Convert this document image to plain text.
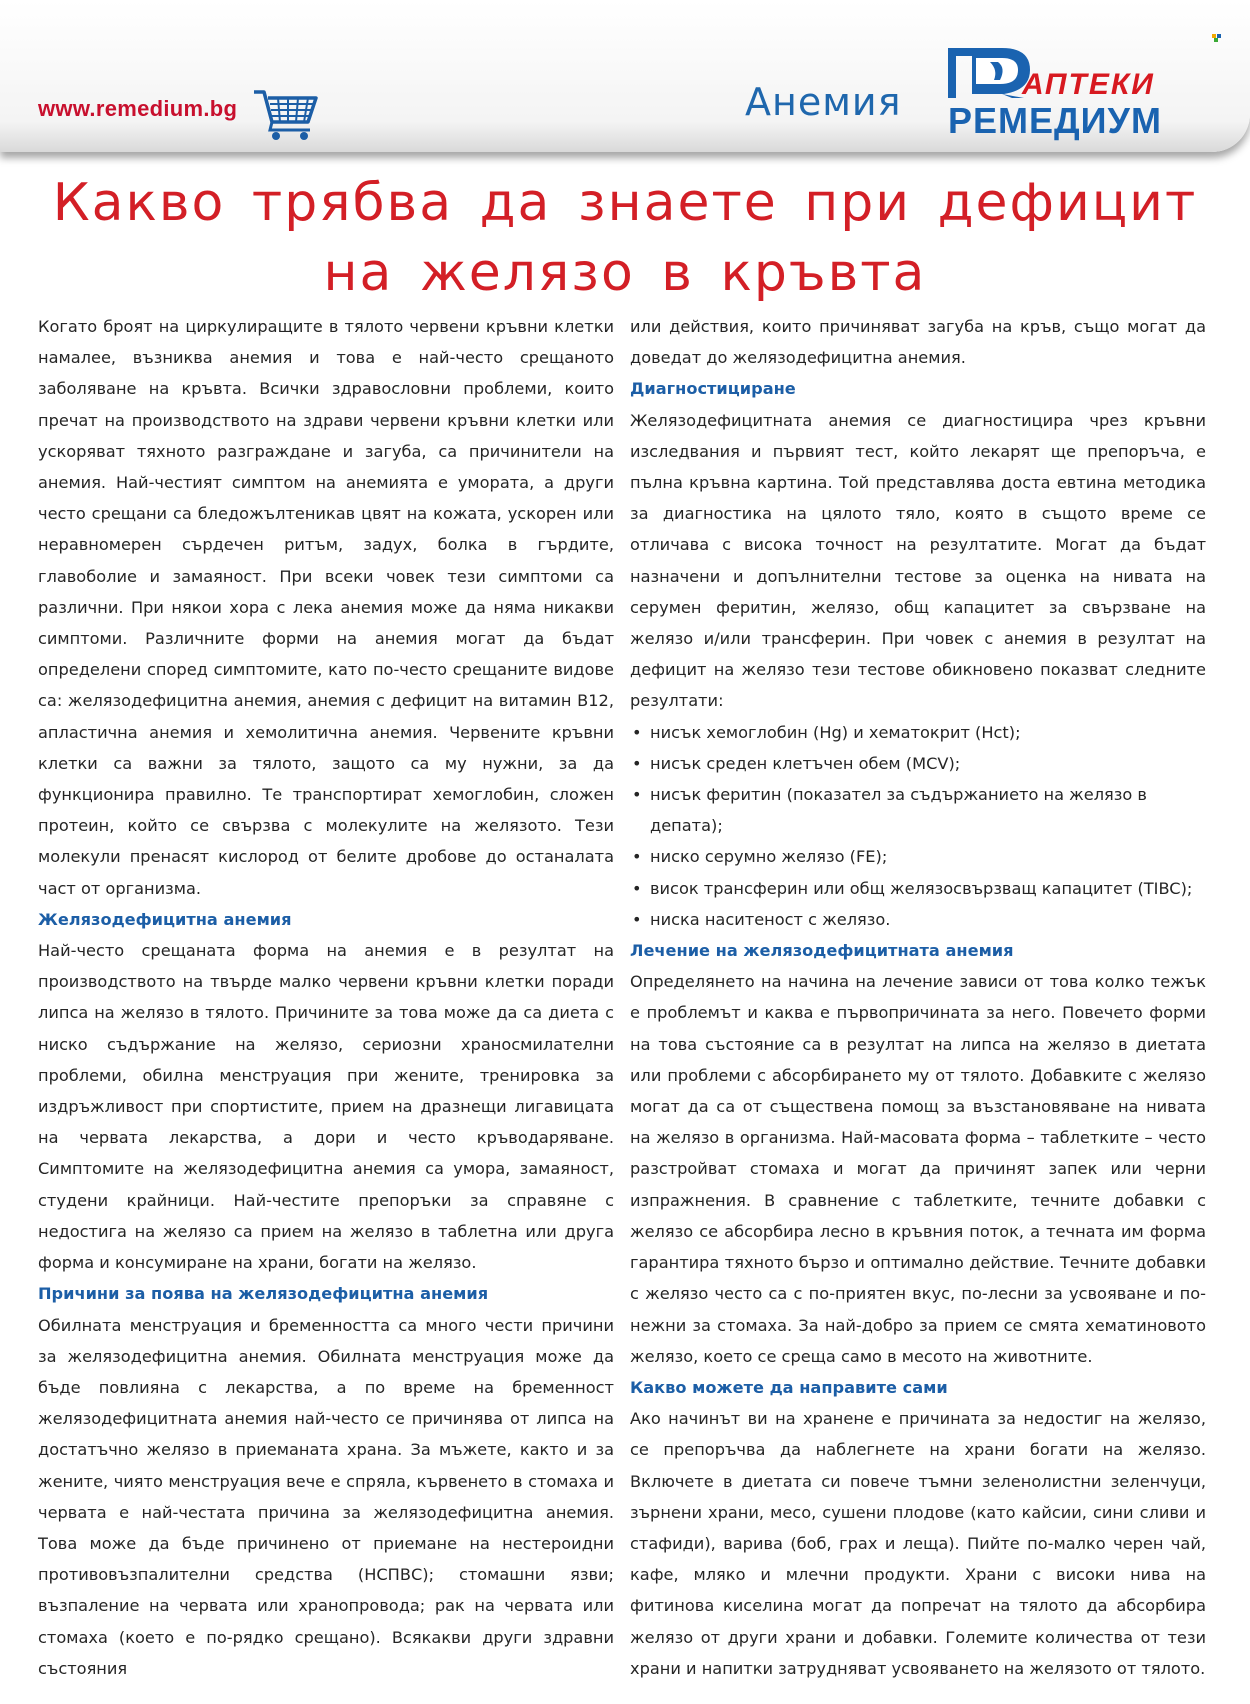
www.remedium.bg	Анемия	АПТЕКИ
РЕМЕДИУМ
Какво трябва да знаете при дефицит на желязо в кръвта

Когато броят на циркулиращите в тялото червени кръвни клетки намалее, възниква анемия и това е най-често срещаното заболяване на кръвта. Всички здравословни проблеми, които пречат на производството на здрави червени кръвни клетки или ускоряват тяхното разграждане и загуба, са причинители на анемия. Най-честият симптом на анемията е умората, а други често срещани са бледожълтеникав цвят на кожата, ускорен или неравномерен сърдечен ритъм, задух, болка в гърдите, главоболие и замаяност. При всеки човек тези симптоми са различни. При някои хора с лека анемия може да няма никакви симптоми. Различните форми на анемия могат да бъдат определени според симптомите, като по-често срещаните видове са: желязодефицитна анемия, анемия с дефицит на витамин B12, апластична анемия и хемолитична анемия. Червените кръвни клетки са важни за тялото, защото са му нужни, за да функционира правилно. Те транспортират хемоглобин, сложен протеин, който се свързва с молекулите на желязото. Тези молекули пренасят кислород от белите дробове до останалата част от организма.

Желязодефицитна анемия

Най-често срещаната форма на анемия е в резултат на производството на твърде малко червени кръвни клетки поради липса на желязо в тялото. Причините за това може да са диета с ниско съдържание на желязо, сериозни храносмилателни проблеми, обилна менструация при жените, тренировка за издръжливост при спортистите, прием на дразнещи лигавицата на червата лекарства, а дори и често кръводаряване. Симптомите на желязодефицитна анемия са умора, замаяност, студени крайници. Най-честите препоръки за справяне с недостига на желязо са прием на желязо в таблетна или друга форма и консумиране на храни, богати на желязо.

Причини за поява на желязодефицитна анемия

Обилната менструация и бременността са много чести причини за желязодефицитна анемия. Обилната менструация може да бъде повлияна с лекарства, а по време на бременност желязодефицитната анемия най-често се причинява от липса на достатъчно желязо в приеманата храна. За мъжете, както и за жените, чиято менструация вече е спряла, кървенето в стомаха и червата е най-честата причина за желязодефицитна анемия. Това може да бъде причинено от приемане на нестероидни противовъзпалителни средства (НСПВС); стомашни язви; възпаление на червата или хранопровода; рак на червата или стомаха (което е по-рядко срещано). Всякакви други здравни състояния

или действия, които причиняват загуба на кръв, също могат да доведат до желязодефицитна анемия.

Диагностициране

Желязодефицитната анемия се диагностицира чрез кръвни изследвания и първият тест, който лекарят ще препоръча, е пълна кръвна картина. Той представлява доста евтина методика за диагностика на цялото тяло, която в същото време се отличава с висока точност на резултатите. Могат да бъдат назначени и допълнителни тестове за оценка на нивата на серумен феритин, желязо, общ капацитет за свързване на желязо и/или трансферин. При човек с анемия в резултат на дефицит на желязо тези тестове обикновено показват следните резултати:

• нисък хемоглобин (Hg) и хематокрит (Hct);
• нисък среден клетъчен обем (MCV);
• нисък феритин (показател за съдържанието на желязо в депата);
• ниско серумно желязо (FE);
• висок трансферин или общ желязосвързващ капацитет (TIBC);
• ниска наситеност с желязо.
Лечение на желязодефицитната анемия

Определянето на начина на лечение зависи от това колко тежък е проблемът и каква е първопричината за него. Повечето форми на това състояние са в резултат на липса на желязо в диетата или проблеми с абсорбирането му от тялото. Добавките с желязо могат да са от съществена помощ за възстановяване на нивата на желязо в организма. Най-масовата форма – таблетките – често разстройват стомаха и могат да причинят запек или черни изпражнения. В сравнение с таблетките, течните добавки с желязо се абсорбира лесно в кръвния поток, а течната им форма гарантира тяхното бързо и оптимално действие. Течните добавки с желязо често са с по-приятен вкус, по-лесни за усвояване и по-нежни за стомаха. За най-добро за прием се смята хематиновото желязо, което се среща само в месото на животните.

Какво можете да направите сами

Ако начинът ви на хранене е причината за недостиг на желязо, се препоръчва да наблегнете на храни богати на желязо. Включете в диетата си повече тъмни зеленолистни зеленчуци, зърнени храни, месо, сушени плодове (като кайсии, сини сливи и стафиди), варива (боб, грах и леща). Пийте по-малко черен чай, кафе, мляко и млечни продукти. Храни с високи нива на фитинова киселина могат да попречат на тялото да абсорбира желязо от други храни и добавки. Големите количества от тези храни и напитки затрудняват усвояването на желязото от тялото.
